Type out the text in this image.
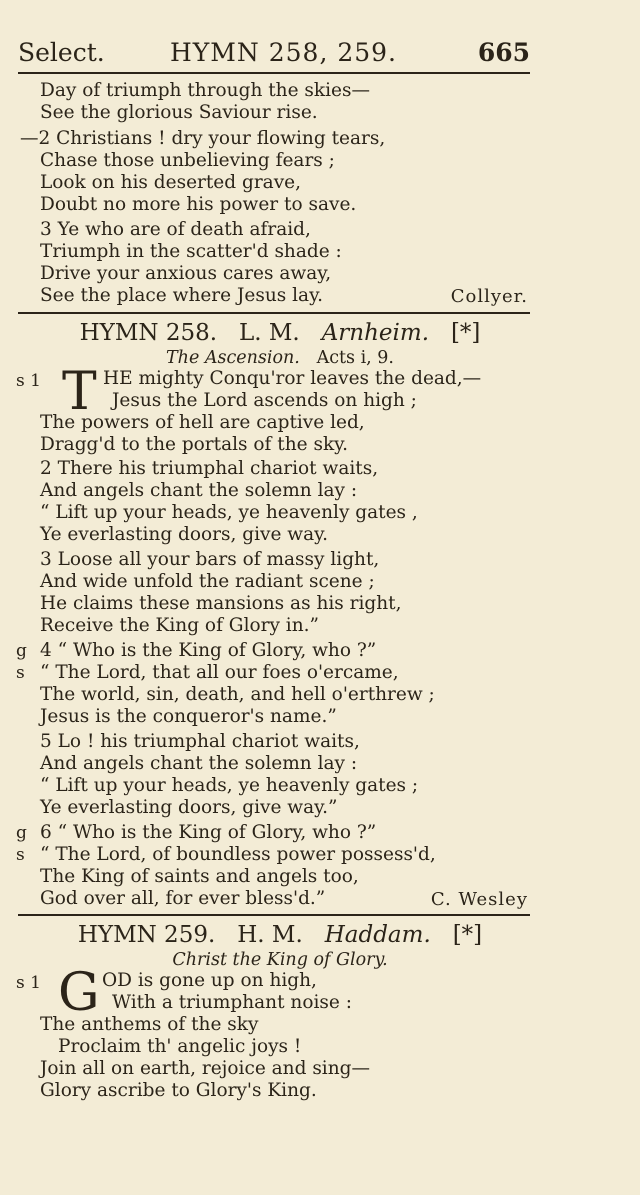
Select.	HYMN 258, 259.	665
Day of triumph through the skies—
See the glorious Saviour rise.
—2 Christians ! dry your flowing tears,
Chase those unbelieving fears ;
Look on his deserted grave,
Doubt no more his power to save.
3 Ye who are of death afraid,
Triumph in the scatter'd shade :
Drive your anxious cares away,
See the place where Jesus lay.	Collyer.
HYMN 258. L. M. Arnheim. [*]
The Ascension. Acts i, 9.
s 1 T HE mighty Conqu'ror leaves the dead,—
Jesus the Lord ascends on high ;
The powers of hell are captive led,
Dragg'd to the portals of the sky.
2 There his triumphal chariot waits,
And angels chant the solemn lay :
“ Lift up your heads, ye heavenly gates ,
Ye everlasting doors, give way.
3 Loose all your bars of massy light,
And wide unfold the radiant scene ;
He claims these mansions as his right,
Receive the King of Glory in.”
g 4 “ Who is the King of Glory, who ?”
s “ The Lord, that all our foes o'ercame,
The world, sin, death, and hell o'erthrew ;
Jesus is the conqueror's name.”
5 Lo ! his triumphal chariot waits,
And angels chant the solemn lay :
“ Lift up your heads, ye heavenly gates ;
Ye everlasting doors, give way.”
g 6 “ Who is the King of Glory, who ?”
s “ The Lord, of boundless power possess'd,
The King of saints and angels too,
God over all, for ever bless'd.”	C. Wesley
HYMN 259. H. M. Haddam. [*]
Christ the King of Glory.
s 1 G OD is gone up on high,
With a triumphant noise :
The anthems of the sky
Proclaim th' angelic joys !
Join all on earth, rejoice and sing—
Glory ascribe to Glory's King.
